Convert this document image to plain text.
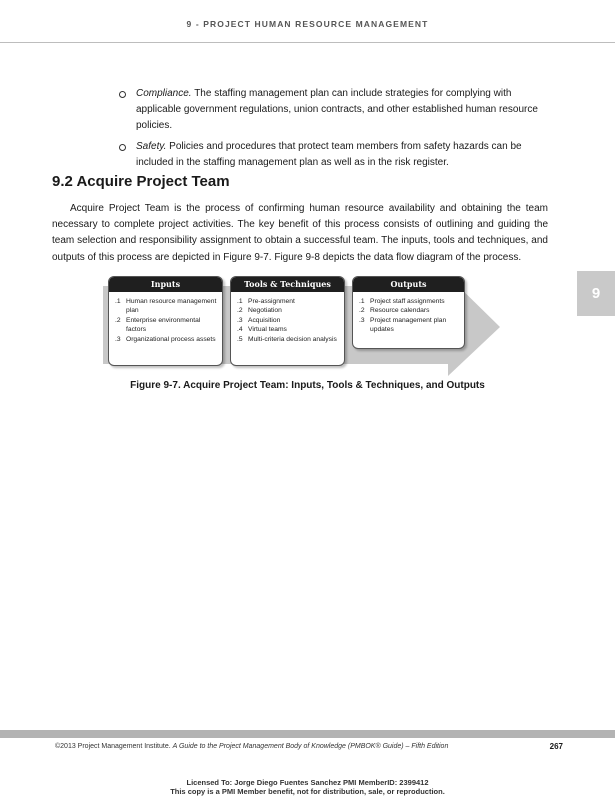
9 - PROJECT HUMAN RESOURCE MANAGEMENT
9
Compliance. The staffing management plan can include strategies for complying with applicable government regulations, union contracts, and other established human resource policies.
Safety. Policies and procedures that protect team members from safety hazards can be included in the staffing management plan as well as in the risk register.
9.2 Acquire Project Team
Acquire Project Team is the process of confirming human resource availability and obtaining the team necessary to complete project activities. The key benefit of this process consists of outlining and guiding the team selection and responsibility assignment to obtain a successful team. The inputs, tools and techniques, and outputs of this process are depicted in Figure 9-7. Figure 9-8 depicts the data flow diagram of the process.
Inputs
.1 Human resource management plan
.2 Enterprise environmental factors
.3 Organizational process assets
Tools & Techniques
.1 Pre-assignment
.2 Negotiation
.3 Acquisition
.4 Virtual teams
.5 Multi-criteria decision analysis
Outputs
.1 Project staff assignments
.2 Resource calendars
.3 Project management plan updates
Figure 9-7. Acquire Project Team: Inputs, Tools & Techniques, and Outputs
©2013 Project Management Institute. A Guide to the Project Management Body of Knowledge (PMBOK® Guide) – Fifth Edition	267
Licensed To: Jorge Diego Fuentes Sanchez PMI MemberID: 2399412
This copy is a PMI Member benefit, not for distribution, sale, or reproduction.
